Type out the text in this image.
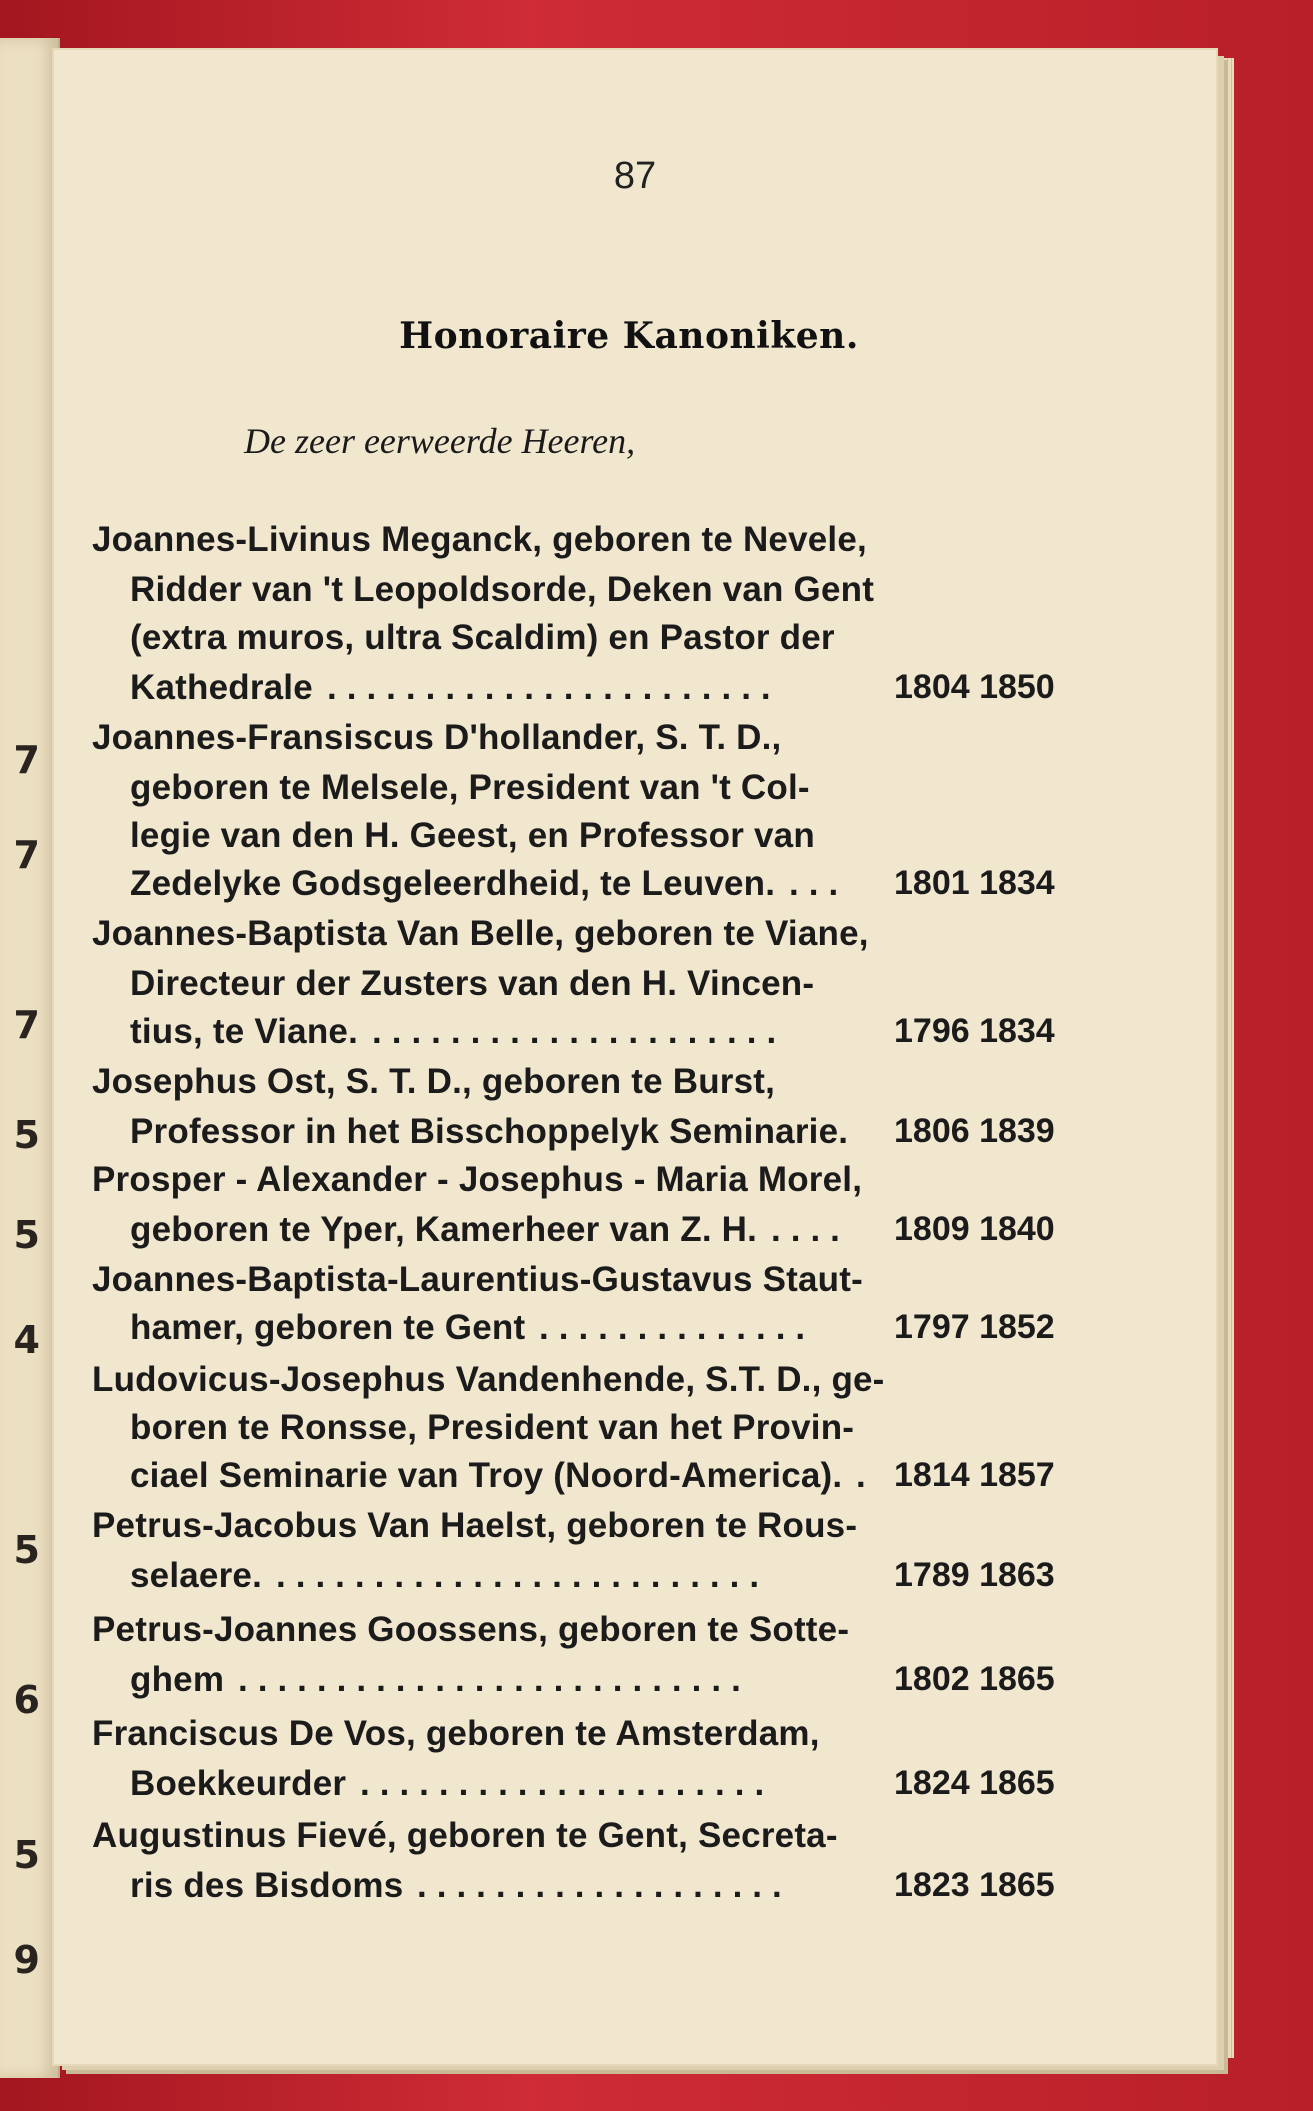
7
7
7
5
5
4
5
6
5
9
87
Honoraire Kanoniken.
De zeer eerweerde Heeren,
Joannes-Livinus Meganck, geboren te Nevele,
Ridder van 't Leopoldsorde, Deken van Gent
(extra muros, ultra Scaldim) en Pastor der
Kathedrale .......................	1804 1850
Joannes-Fransiscus D'hollander, S. T. D.,
geboren te Melsele, President van 't Col-
legie van den H. Geest, en Professor van
Zedelyke Godsgeleerdheid, te Leuven. ... 1801 1834
Joannes-Baptista Van Belle, geboren te Viane,
Directeur der Zusters van den H. Vincen-
tius, te Viane. .....................	1796 1834
Josephus Ost, S. T. D., geboren te Burst,
Professor in het Bisschoppelyk Seminarie. 1806 1839
Prosper - Alexander - Josephus - Maria Morel,
geboren te Yper, Kamerheer van Z. H. .... 1809 1840
Joannes-Baptista-Laurentius-Gustavus Staut-
hamer, geboren te Gent .............. 1797 1852
Ludovicus-Josephus Vandenhende, S.T. D., ge-
boren te Ronsse, President van het Provin-
ciael Seminarie van Troy (Noord-America). . 1814 1857
Petrus-Jacobus Van Haelst, geboren te Rous-
selaere. .........................	1789 1863
Petrus-Joannes Goossens, geboren te Sotte-
ghem ..........................	1802 1865
Franciscus De Vos, geboren te Amsterdam,
Boekkeurder .....................	1824 1865
Augustinus Fievé, geboren te Gent, Secreta-
ris des Bisdoms ...................	1823 1865
